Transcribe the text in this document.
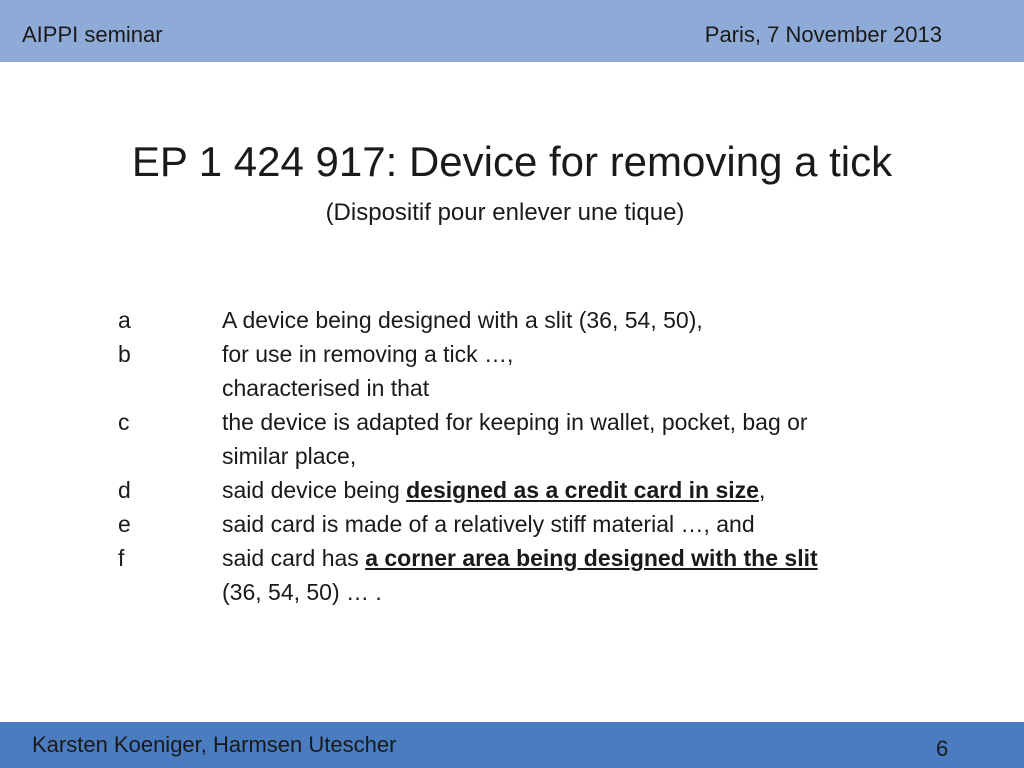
AIPPI seminar	Paris, 7 November 2013
EP 1 424 917: Device for removing a tick
(Dispositif pour enlever une tique)
a	A device being designed with a slit (36, 54, 50),
b	for use in removing a tick …,
characterised in that
c	the device is adapted for keeping in wallet, pocket, bag or
similar place,
d	said device being designed as a credit card in size,
e	said card is made of a relatively stiff material …, and
f	said card has a corner area being designed with the slit
(36, 54, 50) … .
Karsten Koeniger, Harmsen Utescher	6
